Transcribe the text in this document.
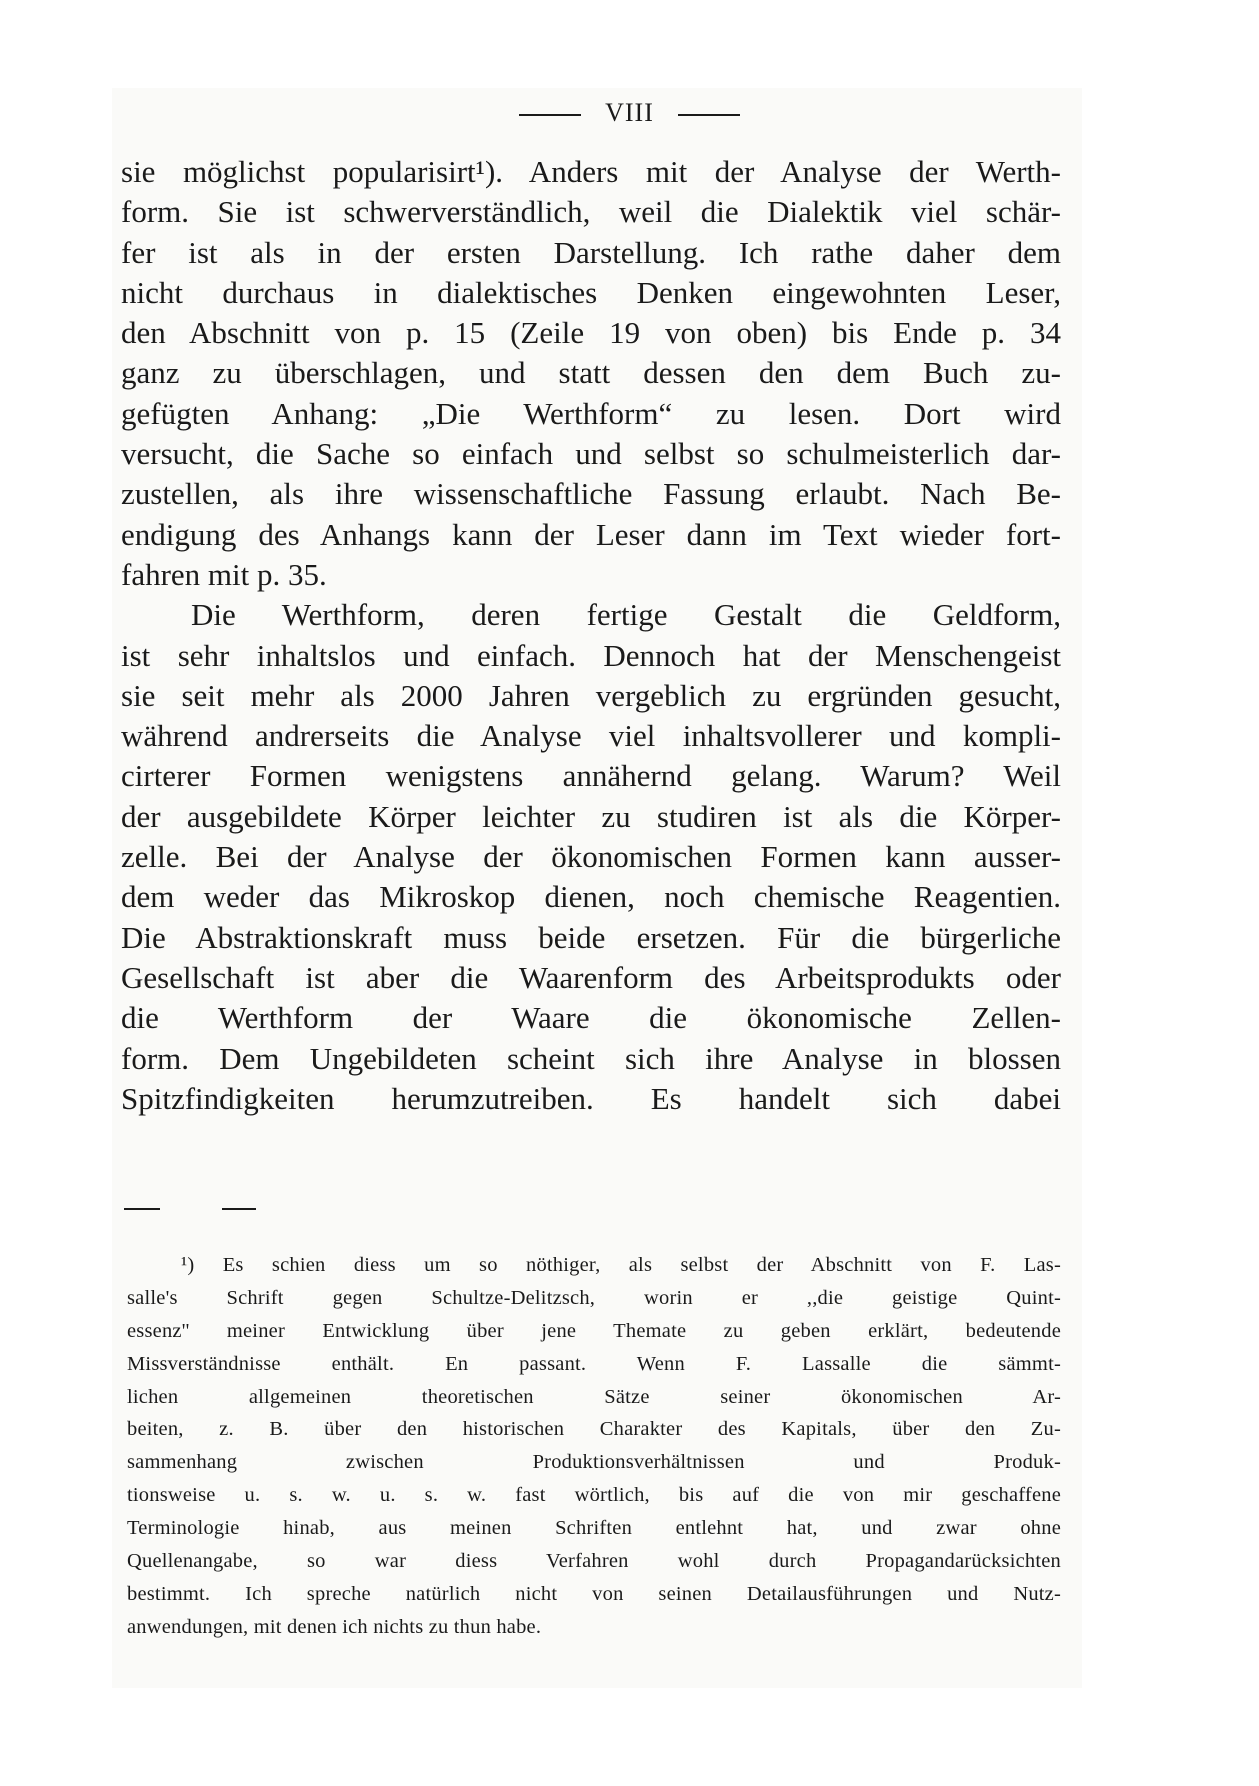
VIII
sie möglichst popularisirt¹). Anders mit der Analyse der Werth-
form. Sie ist schwerverständlich, weil die Dialektik viel schär-
fer ist als in der ersten Darstellung. Ich rathe daher dem
nicht durchaus in dialektisches Denken eingewohnten Leser,
den Abschnitt von p. 15 (Zeile 19 von oben) bis Ende p. 34
ganz zu überschlagen, und statt dessen den dem Buch zu-
gefügten Anhang: „Die Werthform“ zu lesen. Dort wird
versucht, die Sache so einfach und selbst so schulmeisterlich dar-
zustellen, als ihre wissenschaftliche Fassung erlaubt. Nach Be-
endigung des Anhangs kann der Leser dann im Text wieder fort-
fahren mit p. 35.
Die Werthform, deren fertige Gestalt die Geldform,
ist sehr inhaltslos und einfach. Dennoch hat der Menschengeist
sie seit mehr als 2000 Jahren vergeblich zu ergründen gesucht,
während andrerseits die Analyse viel inhaltsvollerer und kompli-
cirterer Formen wenigstens annähernd gelang. Warum? Weil
der ausgebildete Körper leichter zu studiren ist als die Körper-
zelle. Bei der Analyse der ökonomischen Formen kann ausser-
dem weder das Mikroskop dienen, noch chemische Reagentien.
Die Abstraktionskraft muss beide ersetzen. Für die bürgerliche
Gesellschaft ist aber die Waarenform des Arbeitsprodukts oder
die Werthform der Waare die ökonomische Zellen-
form. Dem Ungebildeten scheint sich ihre Analyse in blossen
Spitzfindigkeiten herumzutreiben. Es handelt sich dabei
¹) Es schien diess um so nöthiger, als selbst der Abschnitt von F. Las-
salle's Schrift gegen Schultze-Delitzsch, worin er ,,die geistige Quint-
essenz'' meiner Entwicklung über jene Themate zu geben erklärt, bedeutende
Missverständnisse enthält. En passant. Wenn F. Lassalle die sämmt-
lichen allgemeinen theoretischen Sätze seiner ökonomischen Ar-
beiten, z. B. über den historischen Charakter des Kapitals, über den Zu-
sammenhang zwischen Produktionsverhältnissen und Produk-
tionsweise u. s. w. u. s. w. fast wörtlich, bis auf die von mir geschaffene
Terminologie hinab, aus meinen Schriften entlehnt hat, und zwar ohne
Quellenangabe, so war diess Verfahren wohl durch Propagandarücksichten
bestimmt. Ich spreche natürlich nicht von seinen Detailausführungen und Nutz-
anwendungen, mit denen ich nichts zu thun habe.
